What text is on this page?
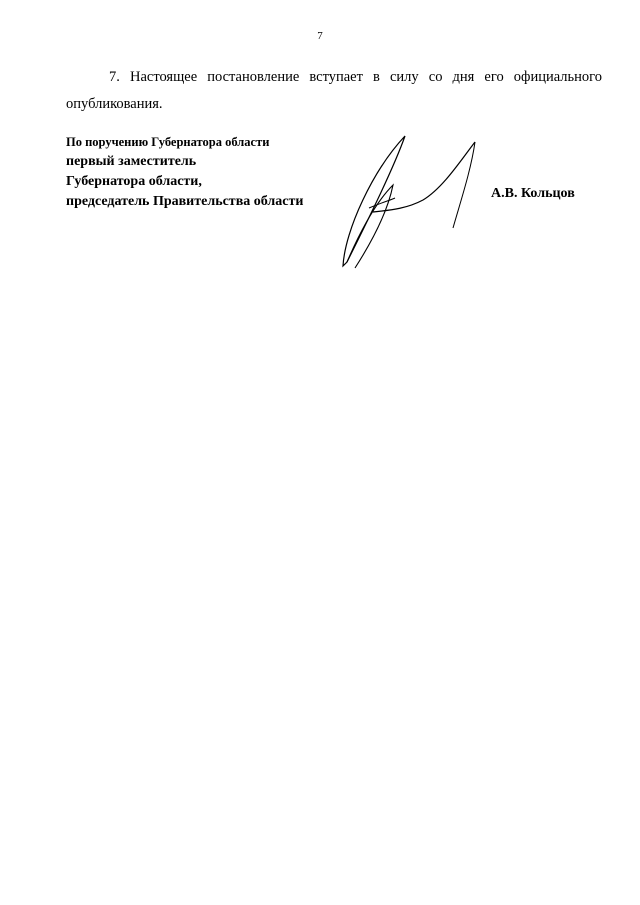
7

7. Настоящее постановление вступает в силу со дня его официального опубликования.

По поручению Губернатора области
первый заместитель
Губернатора области,
председатель Правительства области
А.В. Кольцов
